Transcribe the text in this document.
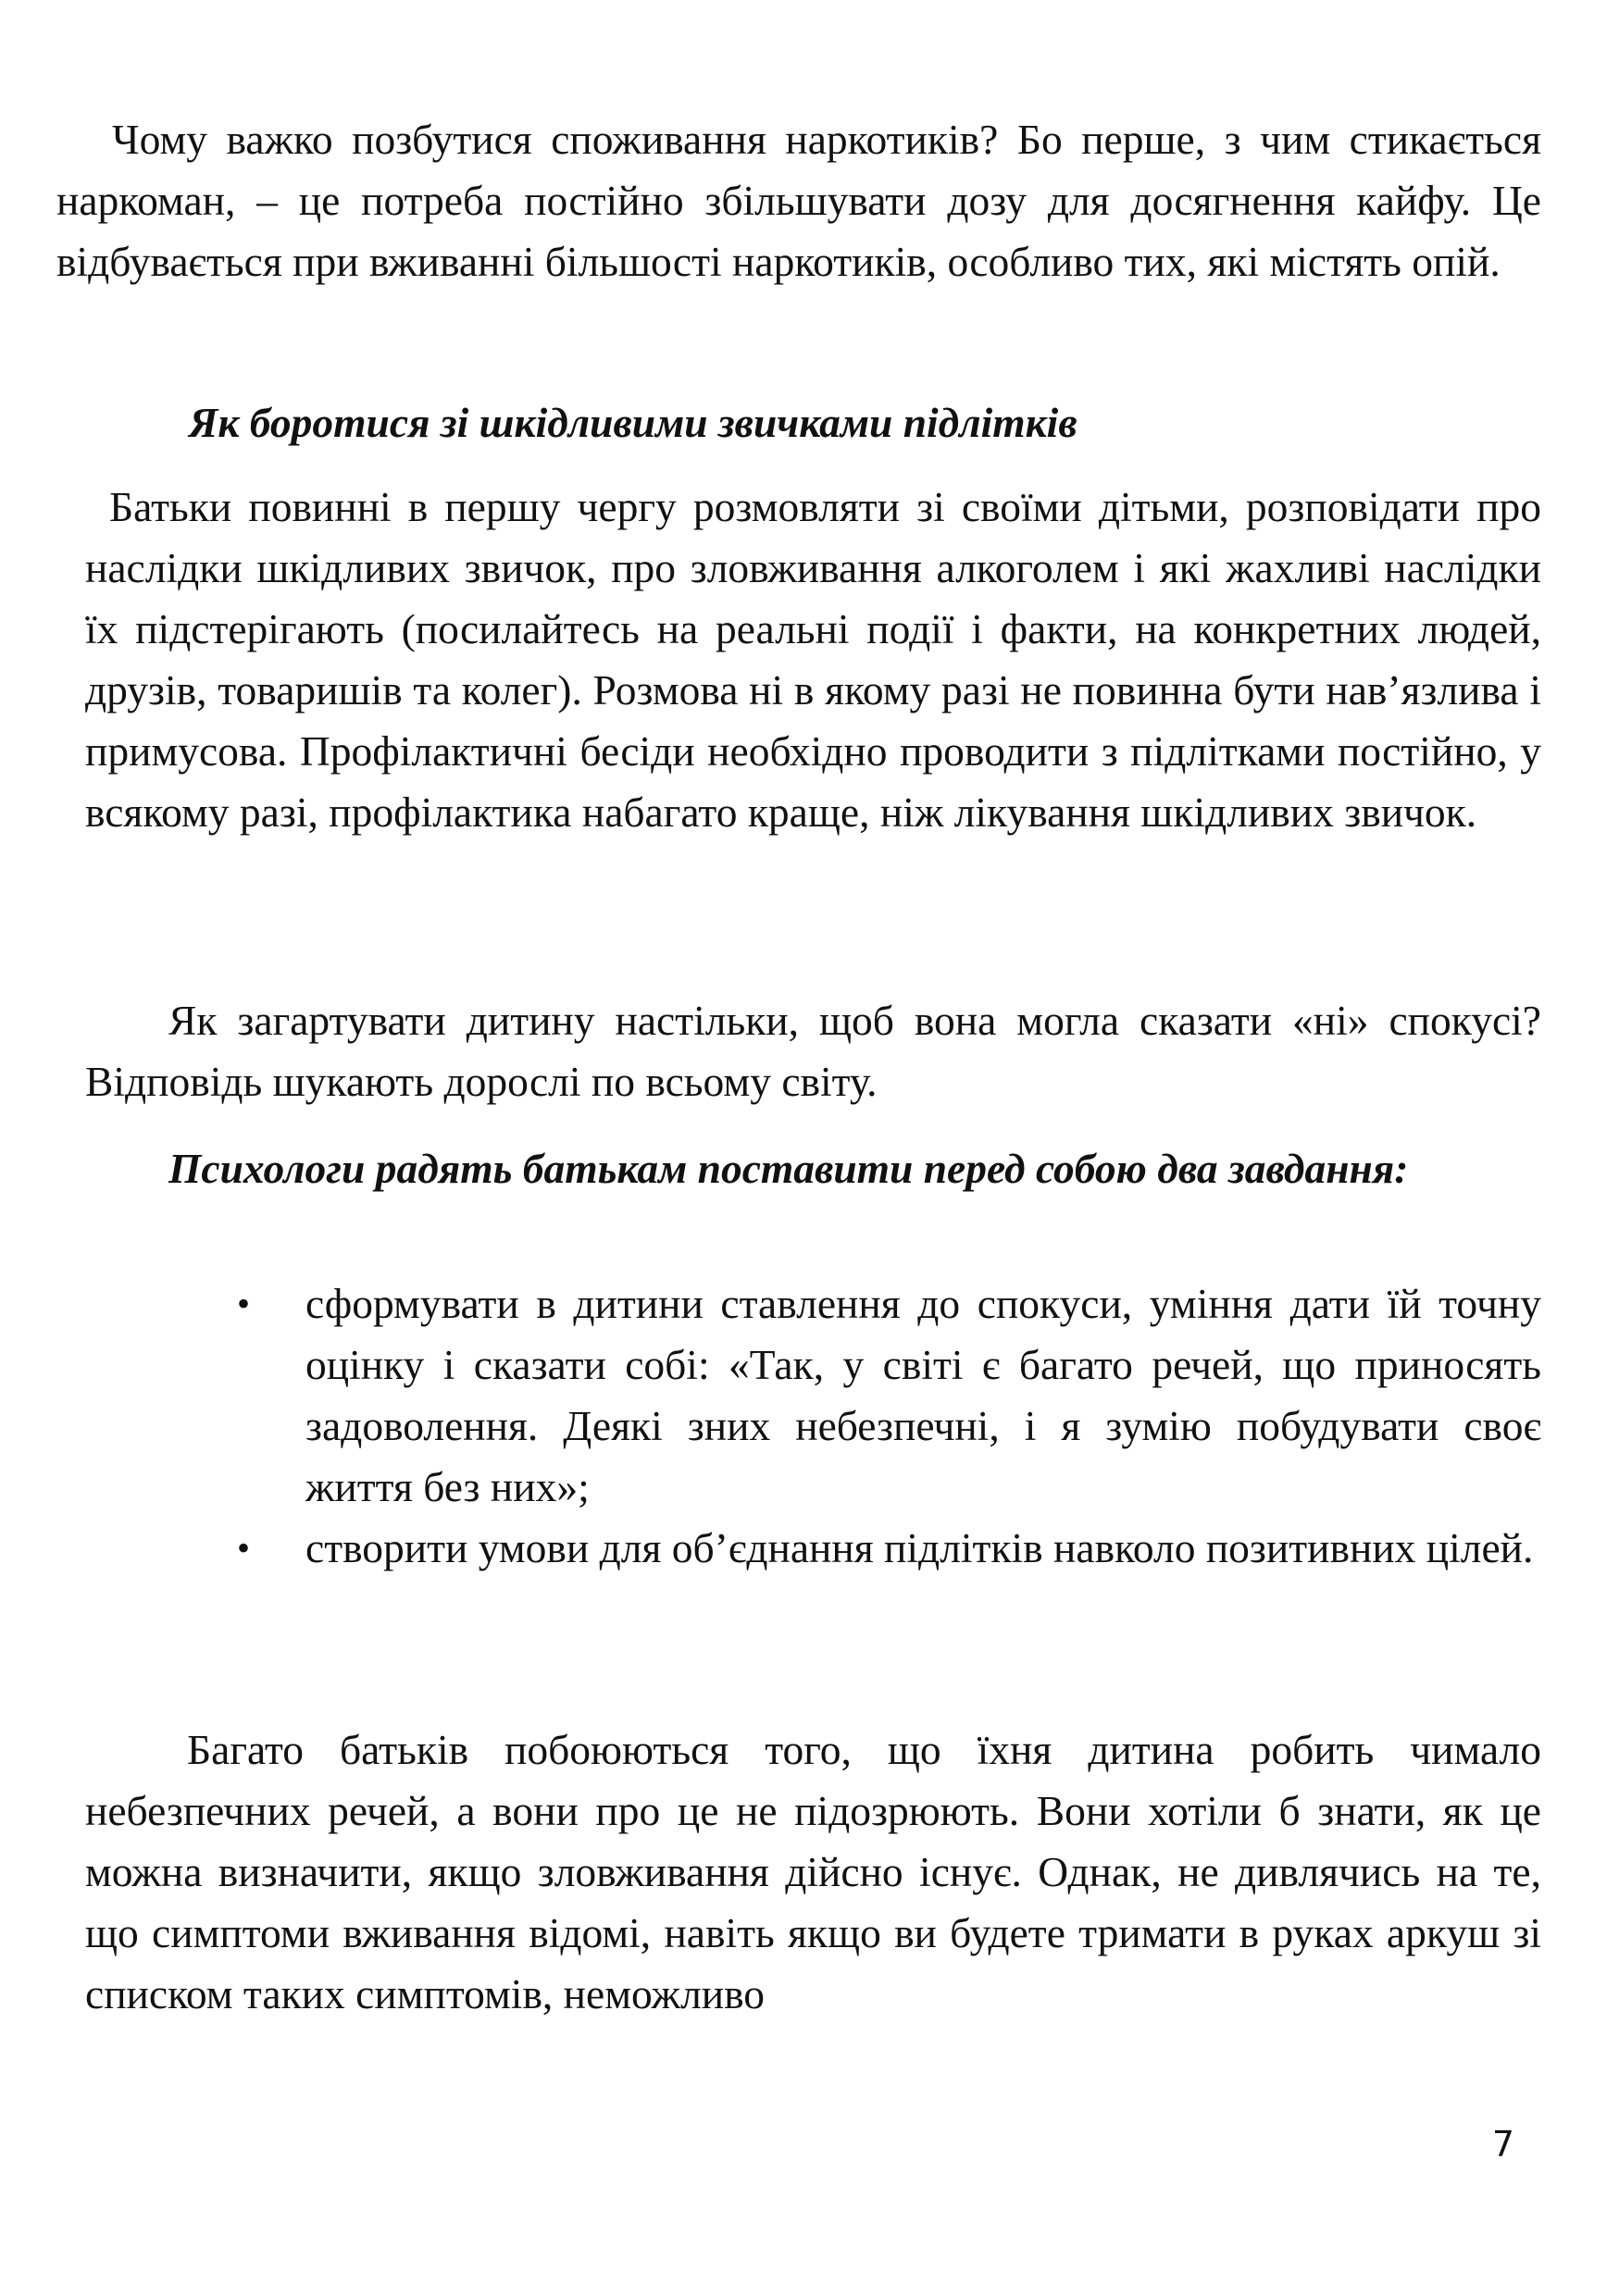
Чому важко позбутися споживання наркотиків? Бо перше, з чим стикається наркоман, – це потреба постійно збільшувати дозу для досягнення кайфу. Це відбувається при вживанні більшості наркотиків, особливо тих, які містять опій.

Як боротися зі шкідливими звичками підлітків

Батьки повинні в першу чергу розмовляти зі своїми дітьми, розповідати про наслідки шкідливих звичок, про зловживання алкоголем і які жахливі наслідки їх підстерігають (посилайтесь на реальні події і факти, на конкретних людей, друзів, товаришів та колег). Розмова ні в якому разі не повинна бути нав’язлива і примусова. Профілактичні бесіди необхідно проводити з підлітками постійно, у всякому разі, профілактика набагато краще, ніж лікування шкідливих звичок.

Як загартувати дитину настільки, щоб вона могла сказати «ні» спокусі? Відповідь шукають дорослі по всьому світу.

Психологи радять батькам поставити перед собою два завдання:

•	сформувати в дитини ставлення до спокуси, уміння дати їй точну оцінку і сказати собі: «Так, у світі є багато речей, що приносять задоволення. Деякі зних небезпечні, і я зумію побудувати своє життя без них»;
•	створити умови для об’єднання підлітків навколо позитивних цілей.

Багато батьків побоюються того, що їхня дитина робить чимало небезпечних речей, а вони про це не підозрюють. Вони хотіли б знати, як це можна визначити, якщо зловживання дійсно існує. Однак, не дивлячись на те, що симптоми вживання відомі, навіть якщо ви будете тримати в руках аркуш зі списком таких симптомів, неможливо

7
